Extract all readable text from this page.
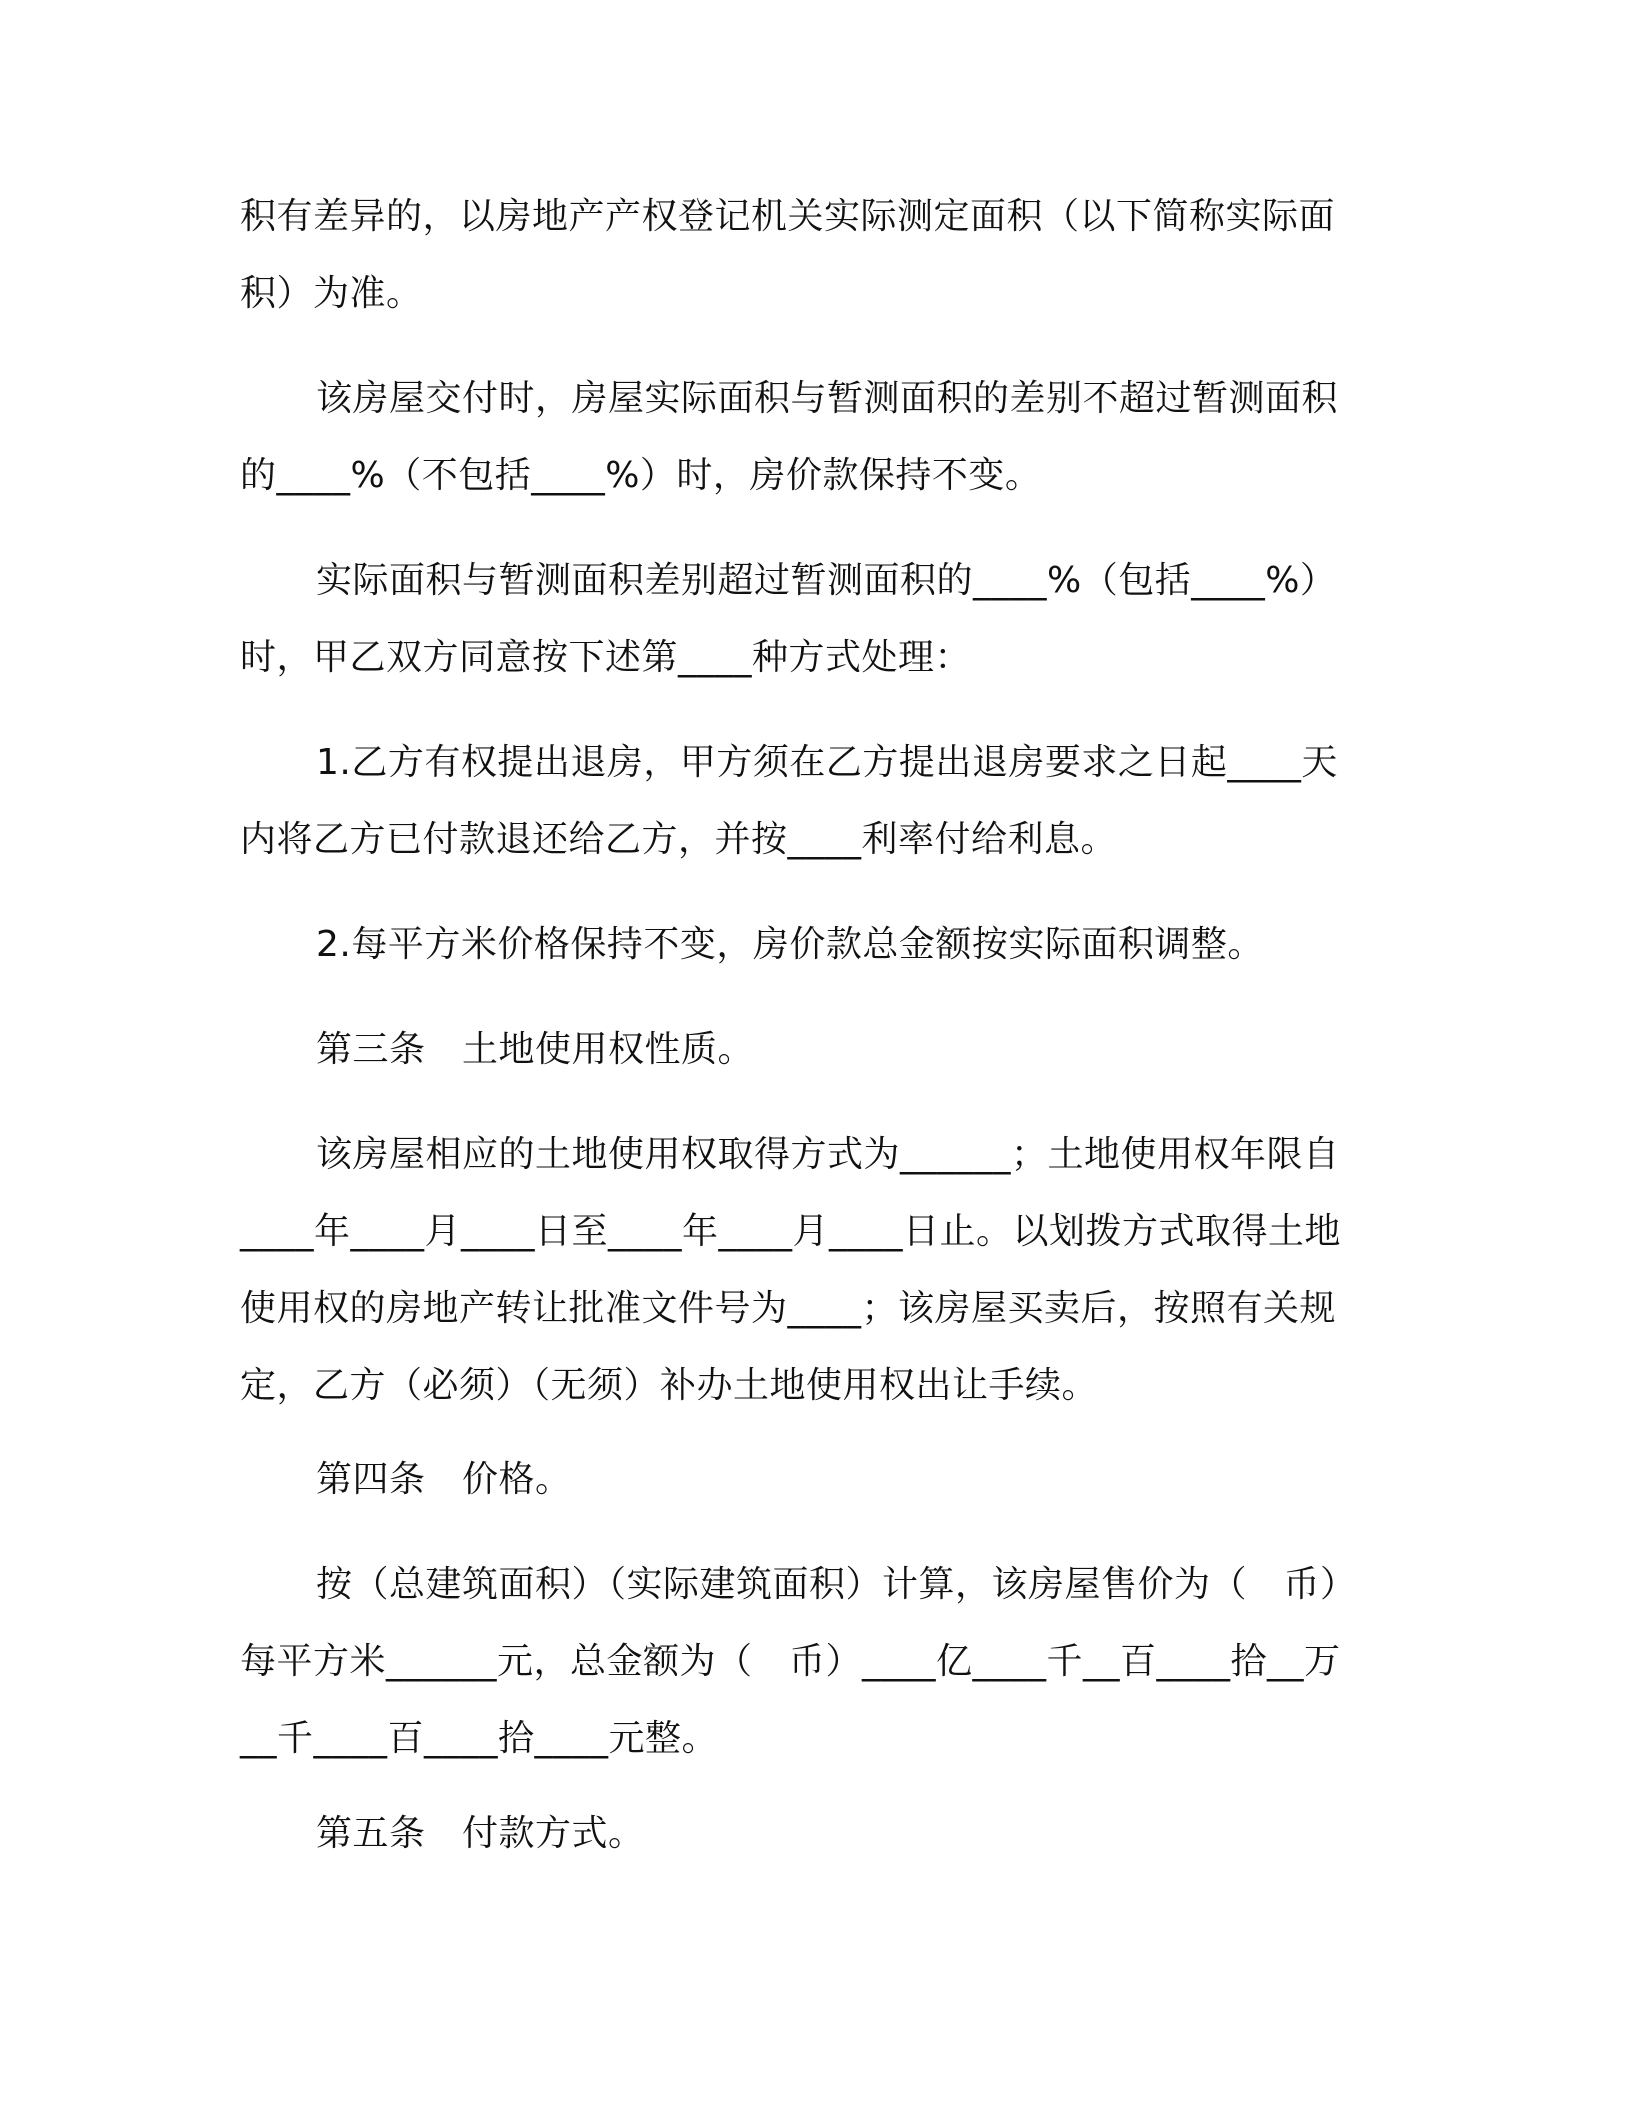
积有差异的，以房地产产权登记机关实际测定面积（以下简称实际面
积）为准。
该房屋交付时，房屋实际面积与暂测面积的差别不超过暂测面积
的____%（不包括____%）时，房价款保持不变。
实际面积与暂测面积差别超过暂测面积的____%（包括____%）
时，甲乙双方同意按下述第____种方式处理：
1.乙方有权提出退房，甲方须在乙方提出退房要求之日起____天
内将乙方已付款退还给乙方，并按____利率付给利息。
2.每平方米价格保持不变，房价款总金额按实际面积调整。
第三条　土地使用权性质。
该房屋相应的土地使用权取得方式为______；土地使用权年限自
____年____月____日至____年____月____日止。以划拨方式取得土地
使用权的房地产转让批准文件号为____；该房屋买卖后，按照有关规
定，乙方（必须）（无须）补办土地使用权出让手续。
第四条　价格。
按（总建筑面积）（实际建筑面积）计算，该房屋售价为（　币）
每平方米______元，总金额为（　币）____亿____千__百____拾__万
__千____百____拾____元整。
第五条　付款方式。
